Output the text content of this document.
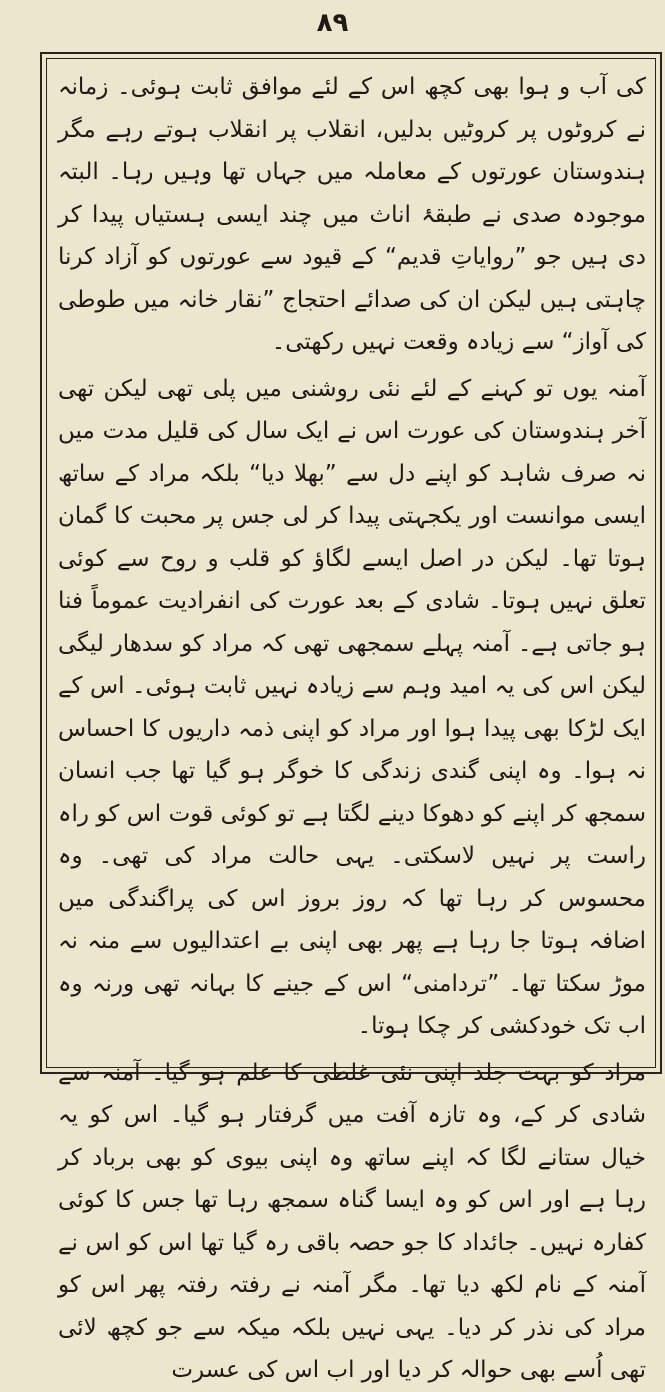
٨٩

کی آب و ہوا بھی کچھ اس کے لئے موافق ثابت ہوئی۔ زمانہ نے کروٹوں پر کروٹیں بدلیں، انقلاب پر انقلاب ہوتے رہے مگر ہندوستان عورتوں کے معاملہ میں جہاں تھا وہیں رہا۔ البتہ موجودہ صدی نے طبقۂ اناث میں چند ایسی ہستیاں پیدا کر دی ہیں جو ”روایاتِ قدیم“ کے قیود سے عورتوں کو آزاد کرنا چاہتی ہیں لیکن ان کی صدائے احتجاج ”نقار خانہ میں طوطی کی آواز“ سے زیادہ وقعت نہیں رکھتی۔

آمنہ یوں تو کہنے کے لئے نئی روشنی میں پلی تھی لیکن تھی آخر ہندوستان کی عورت اس نے ایک سال کی قلیل مدت میں نہ صرف شاہد کو اپنے دل سے ”بھلا دیا“ بلکہ مراد کے ساتھ ایسی موانست اور یکجہتی پیدا کر لی جس پر محبت کا گمان ہوتا تھا۔ لیکن در اصل ایسے لگاؤ کو قلب و روح سے کوئی تعلق نہیں ہوتا۔ شادی کے بعد عورت کی انفرادیت عموماً فنا ہو جاتی ہے۔ آمنہ پہلے سمجھی تھی کہ مراد کو سدھار لیگی لیکن اس کی یہ امید وہم سے زیادہ نہیں ثابت ہوئی۔ اس کے ایک لڑکا بھی پیدا ہوا اور مراد کو اپنی ذمہ داریوں کا احساس نہ ہوا۔ وہ اپنی گندی زندگی کا خوگر ہو گیا تھا جب انسان سمجھ کر اپنے کو دھوکا دینے لگتا ہے تو کوئی قوت اس کو راہ راست پر نہیں لاسکتی۔ یہی حالت مراد کی تھی۔ وہ محسوس کر رہا تھا کہ روز بروز اس کی پراگندگی میں اضافہ ہوتا جا رہا ہے پھر بھی اپنی بے اعتدالیوں سے منہ نہ موڑ سکتا تھا۔ ”تردامنی“ اس کے جینے کا بہانہ تھی ورنہ وہ اب تک خودکشی کر چکا ہوتا۔

مراد کو بہت جلد اپنی نئی غلطی کا علم ہو گیا۔ آمنہ سے شادی کر کے، وہ تازہ آفت میں گرفتار ہو گیا۔ اس کو یہ خیال ستانے لگا کہ اپنے ساتھ وہ اپنی بیوی کو بھی برباد کر رہا ہے اور اس کو وہ ایسا گناہ سمجھ رہا تھا جس کا کوئی کفارہ نہیں۔ جائداد کا جو حصہ باقی رہ گیا تھا اس کو اس نے آمنہ کے نام لکھ دیا تھا۔ مگر آمنہ نے رفتہ رفتہ پھر اس کو مراد کی نذر کر دیا۔ یہی نہیں بلکہ میکہ سے جو کچھ لائی تھی اُسے بھی حوالہ کر دیا اور اب اس کی عسرت
